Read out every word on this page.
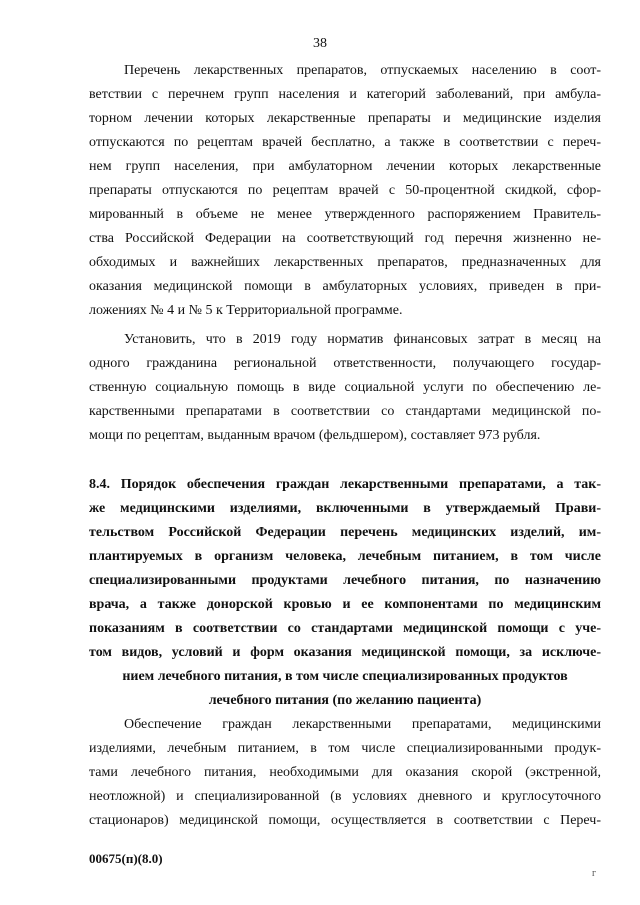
38
Перечень лекарственных препаратов, отпускаемых населению в соот-
ветствии с перечнем групп населения и категорий заболеваний, при амбула-
торном лечении которых лекарственные препараты и медицинские изделия
отпускаются по рецептам врачей бесплатно, а также в соответствии с переч-
нем групп населения, при амбулаторном лечении которых лекарственные
препараты отпускаются по рецептам врачей с 50-процентной скидкой, сфор-
мированный в объеме не менее утвержденного распоряжением Правитель-
ства Российской Федерации на соответствующий год перечня жизненно не-
обходимых и важнейших лекарственных препаратов, предназначенных для
оказания медицинской помощи в амбулаторных условиях, приведен в при-
ложениях № 4 и № 5 к Территориальной программе.
Установить, что в 2019 году норматив финансовых затрат в месяц на
одного гражданина региональной ответственности, получающего государ-
ственную социальную помощь в виде социальной услуги по обеспечению ле-
карственными препаратами в соответствии со стандартами медицинской по-
мощи по рецептам, выданным врачом (фельдшером), составляет 973 рубля.
8.4. Порядок обеспечения граждан лекарственными препаратами, а так-
же медицинскими изделиями, включенными в утверждаемый Прави-
тельством Российской Федерации перечень медицинских изделий, им-
плантируемых в организм человека, лечебным питанием, в том числе
специализированными продуктами лечебного питания, по назначению
врача, а также донорской кровью и ее компонентами по медицинским
показаниям в соответствии со стандартами медицинской помощи с уче-
том видов, условий и форм оказания медицинской помощи, за исключе-
нием лечебного питания, в том числе специализированных продуктов
лечебного питания (по желанию пациента)
Обеспечение граждан лекарственными препаратами, медицинскими
изделиями, лечебным питанием, в том числе специализированными продук-
тами лечебного питания, необходимыми для оказания скорой (экстренной,
неотложной) и специализированной (в условиях дневного и круглосуточного
стационаров) медицинской помощи, осуществляется в соответствии с Переч-
00675(п)(8.0)
г
